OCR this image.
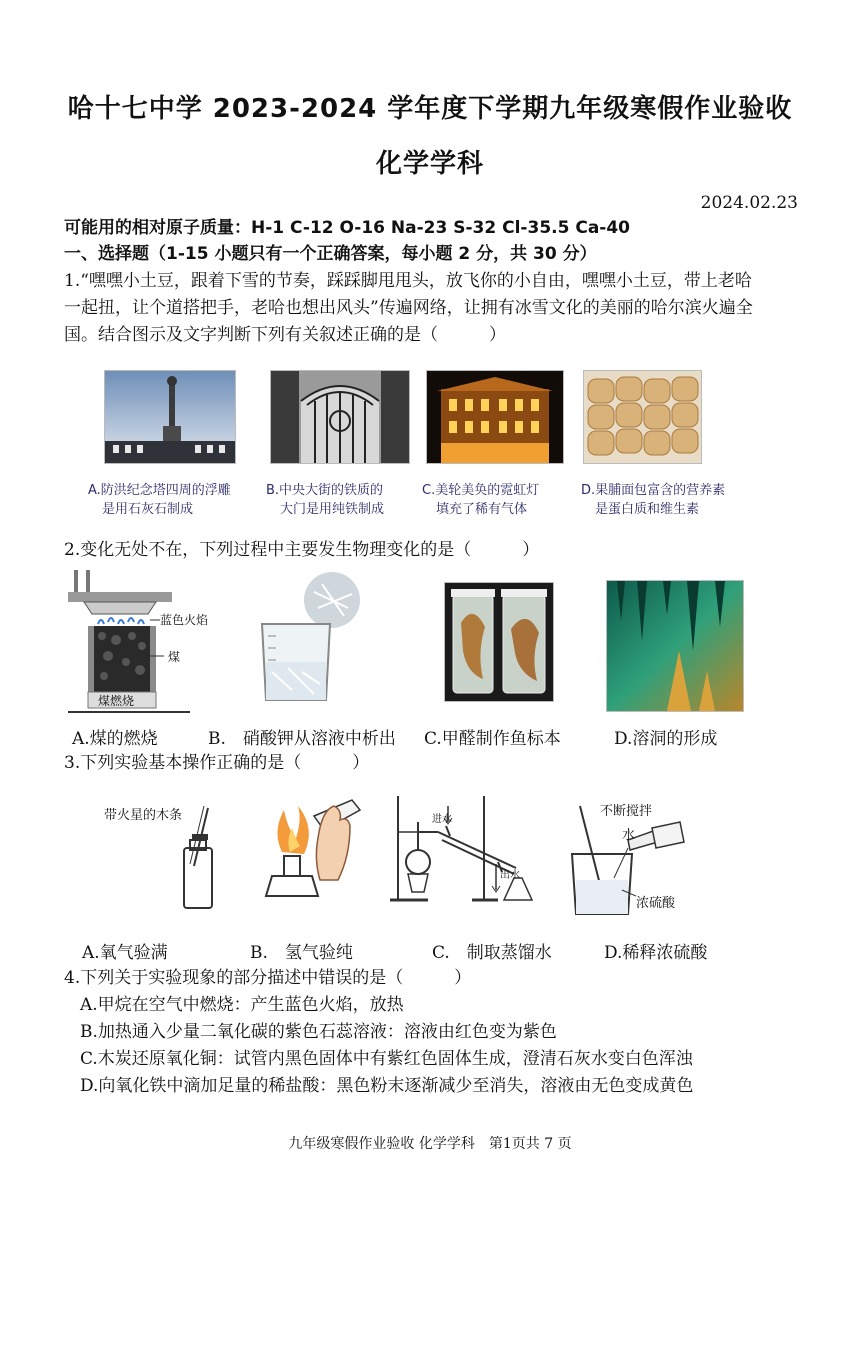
哈十七中学 2023-2024 学年度下学期九年级寒假作业验收
化学学科
2024.02.23
可能用的相对原子质量：H-1 C-12 O-16 Na-23 S-32 Cl-35.5 Ca-40
一、选择题（1-15 小题只有一个正确答案，每小题 2 分，共 30 分）
1.“嘿嘿小土豆，跟着下雪的节奏，踩踩脚甩甩头，放飞你的小自由，嘿嘿小土豆，带上老哈
一起扭，让个道搭把手，老哈也想出风头”传遍网络，让拥有冰雪文化的美丽的哈尔滨火遍全
国。结合图示及文字判断下列有关叙述正确的是（　　　）
A.防洪纪念塔四周的浮雕
是用石灰石制成
B.中央大街的铁质的
大门是用纯铁制成
C.美轮美奂的霓虹灯
填充了稀有气体
D.果脯面包富含的营养素
是蛋白质和维生素
2.变化无处不在，下列过程中主要发生物理变化的是（　　　）
蓝色火焰
煤
煤燃烧
A.煤的燃烧	B.　硝酸钾从溶液中析出 C.甲醛制作鱼标本	D.溶洞的形成
3.下列实验基本操作正确的是（　　　）
带火星的木条	进水
出水
不断搅拌
水
浓硫酸
A.氧气验满	B.　氢气验纯	C.　制取蒸馏水	D.稀释浓硫酸
4.下列关于实验现象的部分描述中错误的是（　　　）
A.甲烷在空气中燃烧：产生蓝色火焰，放热
B.加热通入少量二氧化碳的紫色石蕊溶液：溶液由红色变为紫色
C.木炭还原氧化铜：试管内黑色固体中有紫红色固体生成，澄清石灰水变白色浑浊
D.向氧化铁中滴加足量的稀盐酸：黑色粉末逐渐减少至消失，溶液由无色变成黄色
九年级寒假作业验收 化学学科　第1页共 7 页
